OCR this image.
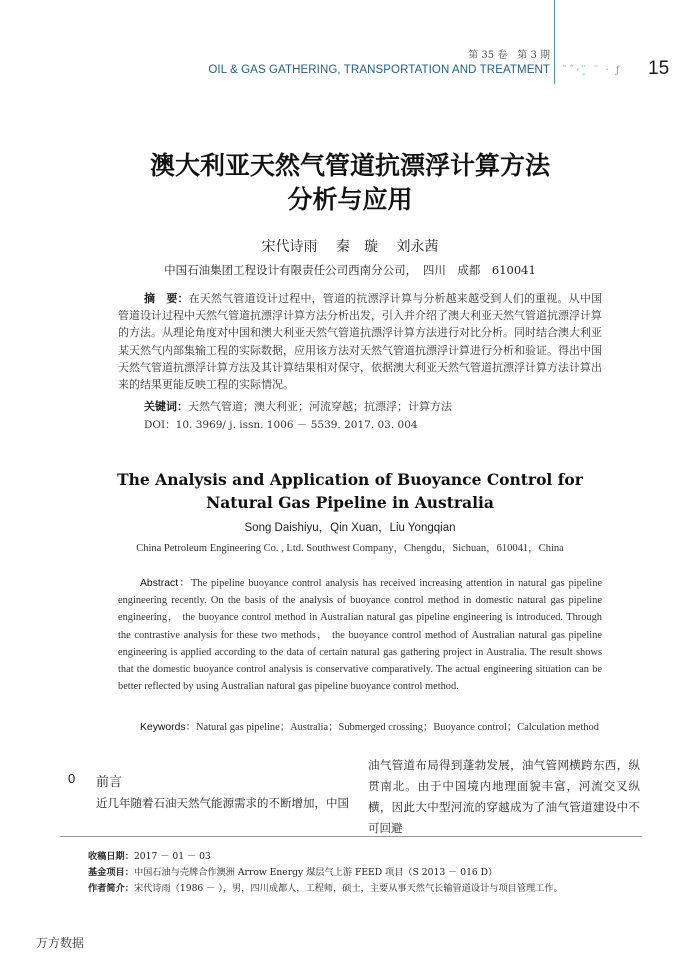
第 35 卷　第 3 期
OIL & GAS GATHERING, TRANSPORTATION AND TREATMENT ˜˝·¨̧ ¨ · ƒ 15
澳大利亚天然气管道抗漂浮计算方法
分析与应用
宋代诗雨　 秦　璇　 刘永茜
中国石油集团工程设计有限责任公司西南分公司，　四川　成都　610041
摘　要：在天然气管道设计过程中，管道的抗漂浮计算与分析越来越受到人们的重视。从中国管道设计过程中天然气管道抗漂浮计算方法分析出发，引入并介绍了澳大利亚天然气管道抗漂浮计算的方法。从理论角度对中国和澳大利亚天然气管道抗漂浮计算方法进行对比分析。同时结合澳大利亚某天然气内部集输工程的实际数据，应用该方法对天然气管道抗漂浮计算进行分析和验证。得出中国天然气管道抗漂浮计算方法及其计算结果相对保守，依据澳大利亚天然气管道抗漂浮计算方法计算出来的结果更能反映工程的实际情况。
关键词：天然气管道；澳大利亚；河流穿越；抗漂浮；计算方法
DOI：10. 3969/ j. issn. 1006 － 5539. 2017. 03. 004
The Analysis and Application of Buoyance Control for
Natural Gas Pipeline in Australia
Song Daishiyu，Qin Xuan，Liu Yongqian
China Petroleum Engineering Co. , Ltd. Southwest Company，Chengdu，Sichuan，610041，China
Abstract：The pipeline buoyance control analysis has received increasing attention in natural gas pipeline engineering recently. On the basis of the analysis of buoyance control method in domestic natural gas pipeline engineering， the buoyance control method in Australian natural gas pipeline engineering is introduced. Through the contrastive analysis for these two methods， the buoyance control method of Australian natural gas pipeline engineering is applied according to the data of certain natural gas gathering project in Australia. The result shows that the domestic buoyance control analysis is conservative comparatively. The actual engineering situation can be better reflected by using Australian natural gas pipeline buoyance control method.
Keywords：Natural gas pipeline；Australia；Submerged crossing；Buoyance control；Calculation method
0 前言
近几年随着石油天然气能源需求的不断增加，中国
油气管道布局得到蓬勃发展，油气管网横跨东西，纵贯南北。由于中国境内地理面貌丰富，河流交叉纵横，因此大中型河流的穿越成为了油气管道建设中不可回避
收稿日期：2017 － 01 － 03
基金项目：中国石油与壳牌合作澳洲 Arrow Energy 煤层气上游 FEED 项目（S 2013 － 016 D）
作者简介：宋代诗雨（1986 － ），男，四川成都人，工程师，硕士，主要从事天然气长输管道设计与项目管理工作。
万方数据
